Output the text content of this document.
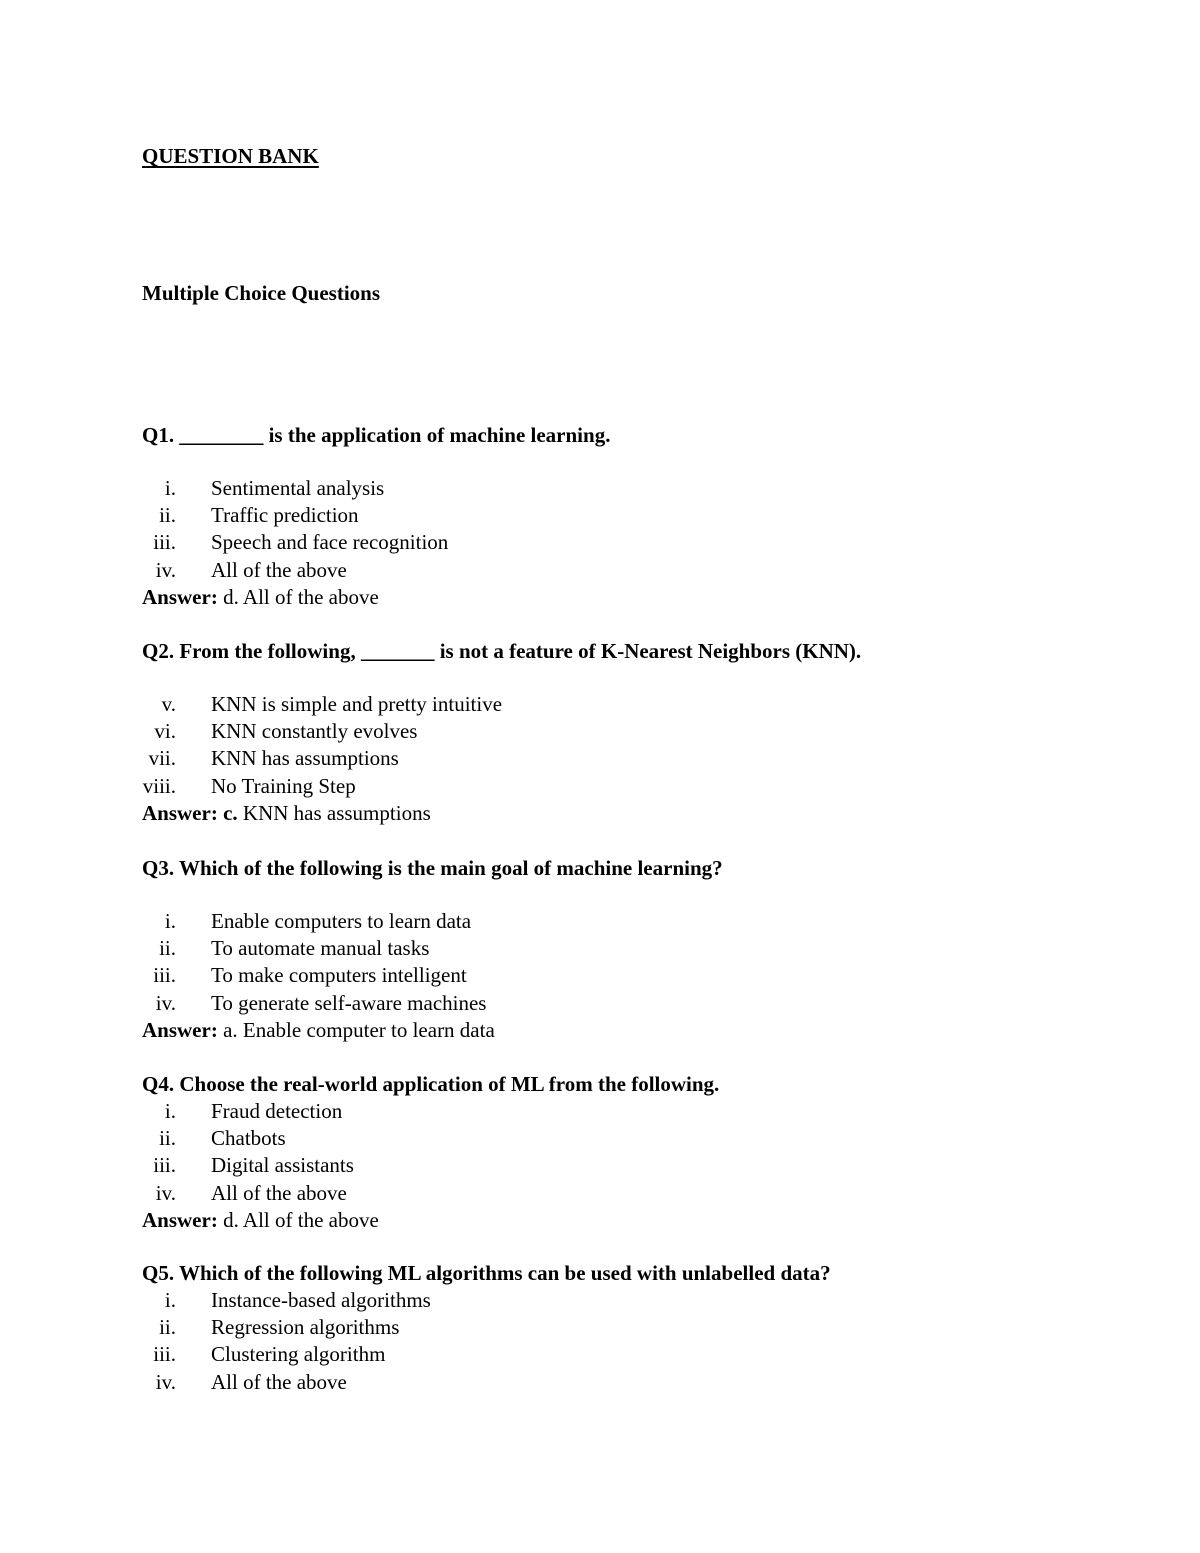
QUESTION BANK
Multiple Choice Questions

Q1. ________ is the application of machine learning.

i. Sentimental analysis
ii. Traffic prediction
iii. Speech and face recognition
iv. All of the above

Answer: d. All of the above

Q2. From the following, _______ is not a feature of K-Nearest Neighbors (KNN).

v. KNN is simple and pretty intuitive
vi. KNN constantly evolves
vii. KNN has assumptions
viii. No Training Step

Answer: c. KNN has assumptions

Q3. Which of the following is the main goal of machine learning?

i. Enable computers to learn data
ii. To automate manual tasks
iii. To make computers intelligent
iv. To generate self-aware machines

Answer: a. Enable computer to learn data

Q4. Choose the real-world application of ML from the following.

i. Fraud detection
ii. Chatbots
iii. Digital assistants
iv. All of the above

Answer: d. All of the above

Q5. Which of the following ML algorithms can be used with unlabelled data?

i. Instance-based algorithms
ii. Regression algorithms
iii. Clustering algorithm
iv. All of the above
